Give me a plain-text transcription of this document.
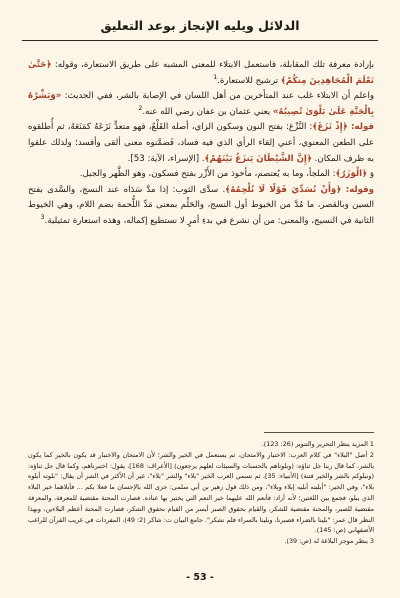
الدلائل ويليه الإنجاز بوعد التعليق

بإرادة معرفة تلك المقابلة، فاستعمل الابتلاء للمعنى المشبه على طريق الاستعارة، وقوله: ﴿حَتَّىٰ نَعْلَمَ الْمُجَاهِدِينَ مِنكُمْ﴾ ترشيح للاستعارة.$^1$

واعلم أن الابتلاء غلب عند المتأخرين من أهل اللسان في الإصابة بالشر، ففي الحديث: «وَبَشِّرْهُ بِالْجَنَّةِ عَلَىٰ بَلْوَىٰ تُصِيبُهُ» يعني عثمان بن عفان رضي الله عنه.$^2$

قوله: ﴿إِذْ نَزَغَ﴾: النَّزْغ: بفتح النون وسكون الزاي، أصله القَلْعُ، فهو متعدٍّ نَزَعَهُ كمَنَعَهُ، ثم أُطلقوه على الطعن المعنوي، أعني إلقاء الرأي الذي فيه فساد، فَضمَّنوه معنى ألقى وأفسد؛ ولذلك علقوا به ظرف المكان. ﴿إِنَّ الشَّيْطَانَ يَنزَغُ بَيْنَهُمْ﴾. [الإسراء، الآية: 53].

وَ ﴿الْوَزَرُ﴾: الملجأ، وما به يُعتصم، مأخوذ من الأَزْر بفتح فسكون، وهو الظَّهر والجبل.

وقوله: ﴿وَأَنْ نُسَدِّيَ قَوْلًا لَا نُلْحِمُهُ﴾. سدَّى الثوب: إذا مدَّ سَدَاه عند النسج، والسَّدى بفتح السين وبالقصر، ما مُدَّ من الخيوط أول النسج، والحَلْم بمعنى مَدِّ اللُّحمة بضم اللام، وهي الخيوط الثانية في النسيج، والمعنى: من أن نشرع في بدءِ أمرٍ لا نستطيع إكماله، وهذه استعارة تمثيلية.$^3$

1 المزيد ينظر التحرير والتنوير (26: 123).

2 أصل "البلاء" في كلام العرب: الاختبار والامتحان، ثم يستعمل في الخير والشر؛ لأن الامتحان والاختبار قد يكون بالخير كما يكون بالشر، كما قال ربنا جل ثناؤه: (وبلوناهم بالحسنات والسيئات لعلهم يرجعون) [الأعراف: 168]، يقول: اختبرناهم، وكما قال جل ثناؤه: (ونبلوكم بالشر والخير فتنة) [الأنبياء: 35]، ثم تسمي العرب الخير "بلاء" والشر "بلاء"، غير أن الأكثر في الشر أن يقال: "بلوته أبلوه بلاء"، وفي الخير: "أبليته أبليه إبلاء وبلاء"، ومن ذلك قول زهير بن أبي سلمى: جزى الله بالإحسان ما فعلا بكم ... فأبلاهما خير البلاء الذي يبلو، فجمع بين اللغتين؛ لأنه أراد: فأنعم الله عليهما خير النعم التي يختبر بها عباده. فصارت المحنة مقتضية للمعرفة، والمعرفة مقتضية للصبر، والمحنة مقتضية للشكر، والقيام بحقوق الصبر أيسر من القيام بحقوق الشكر، فصارت المحنة أعظم البلاءين، وبهذا النظر قال عمر: "بلينا بالضراء فصبرنا، وبلينا بالسراء فلم نشكر". جامع البيان ت: شاكر (2: 49)، المفردات في غريب القرآن للراغب الأصفهاني (ص: 145).

3 ينظر موجز البلاغة له (ص: 39).

- 53 -
